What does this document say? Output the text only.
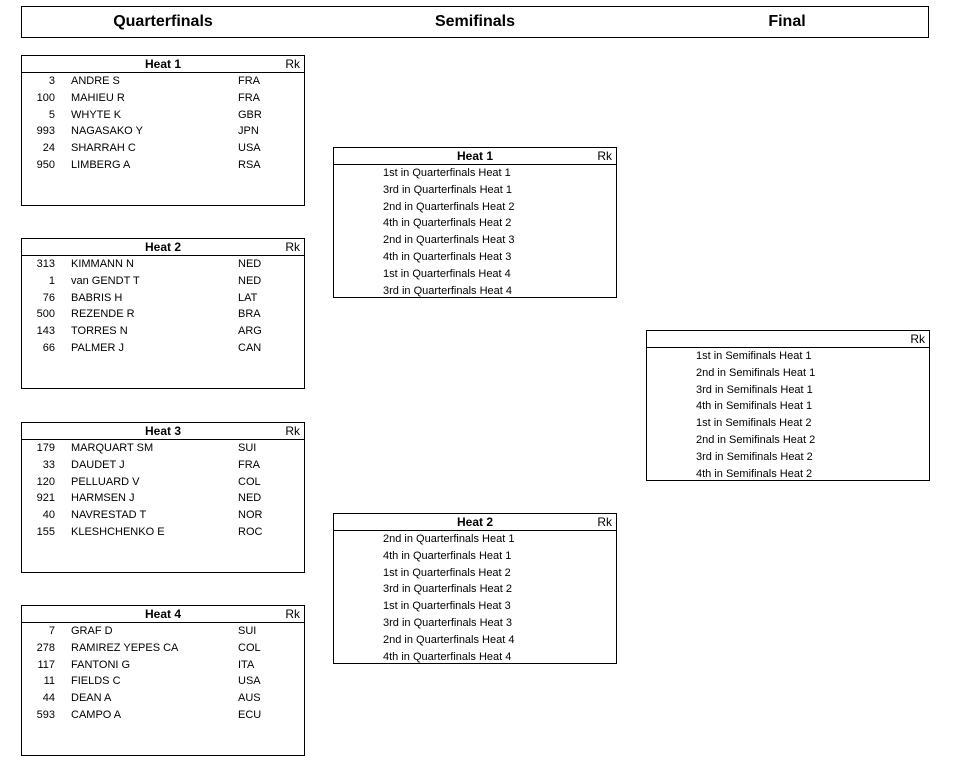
Quarterfinals	Semifinals	Final
Heat 1	Rk
3 ANDRE S	FRA
100 MAHIEU R	FRA
5 WHYTE K	GBR
993 NAGASAKO Y	JPN
24 SHARRAH C	USA
950 LIMBERG A	RSA
Heat 2	Rk
313 KIMMANN N	NED
1 van GENDT T	NED
76 BABRIS H	LAT
500 REZENDE R	BRA
143 TORRES N	ARG
66 PALMER J	CAN
Heat 3	Rk
179 MARQUART SM	SUI
33 DAUDET J	FRA
120 PELLUARD V	COL
921 HARMSEN J	NED
40 NAVRESTAD T	NOR
155 KLESHCHENKO E	ROC
Heat 4	Rk
7 GRAF D	SUI
278 RAMIREZ YEPES CA	COL
117 FANTONI G	ITA
11 FIELDS C	USA
44 DEAN A	AUS
593 CAMPO A	ECU
Heat 1	Rk
1st in Quarterfinals Heat 1
3rd in Quarterfinals Heat 1
2nd in Quarterfinals Heat 2
4th in Quarterfinals Heat 2
2nd in Quarterfinals Heat 3
4th in Quarterfinals Heat 3
1st in Quarterfinals Heat 4
3rd in Quarterfinals Heat 4
Heat 2	Rk
2nd in Quarterfinals Heat 1
4th in Quarterfinals Heat 1
1st in Quarterfinals Heat 2
3rd in Quarterfinals Heat 2
1st in Quarterfinals Heat 3
3rd in Quarterfinals Heat 3
2nd in Quarterfinals Heat 4
4th in Quarterfinals Heat 4
Rk
1st in Semifinals Heat 1
2nd in Semifinals Heat 1
3rd in Semifinals Heat 1
4th in Semifinals Heat 1
1st in Semifinals Heat 2
2nd in Semifinals Heat 2
3rd in Semifinals Heat 2
4th in Semifinals Heat 2
